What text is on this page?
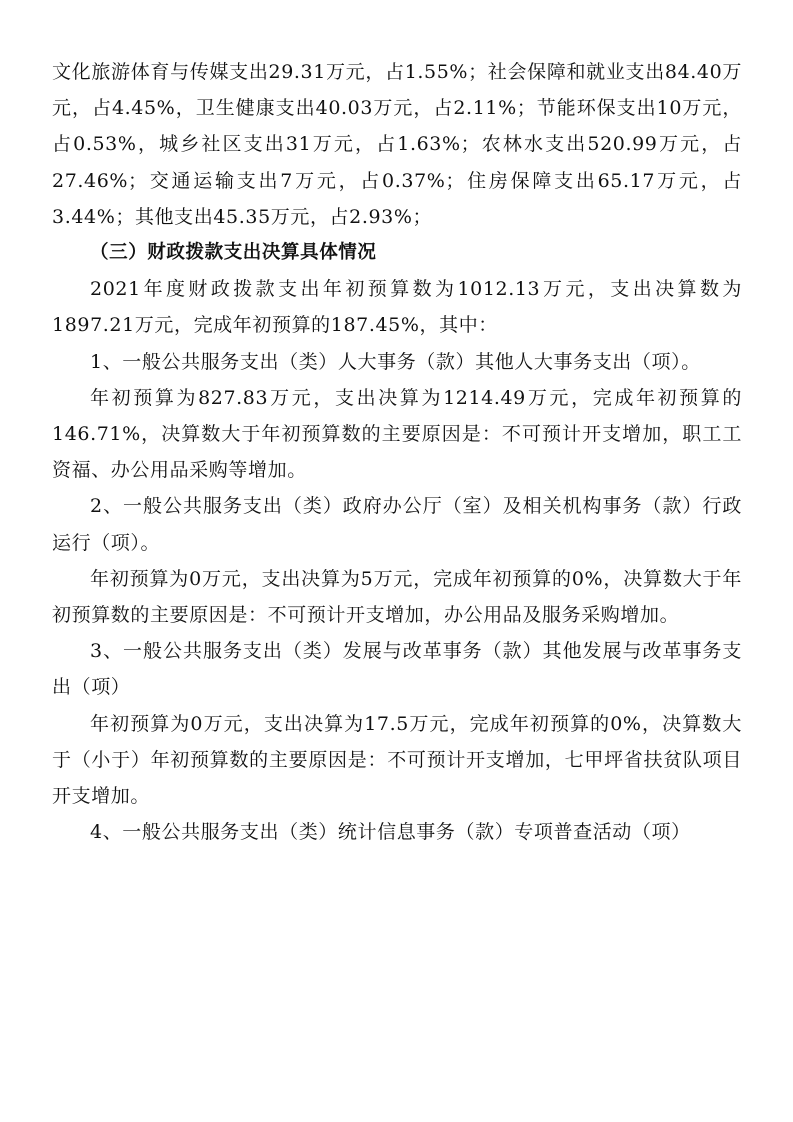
文化旅游体育与传媒支出29.31万元，占1.55%；社会保障和就业支出84.40万元，占4.45%，卫生健康支出40.03万元，占2.11%；节能环保支出10万元，占0.53%，城乡社区支出31万元，占1.63%；农林水支出520.99万元，占27.46%；交通运输支出7万元，占0.37%；住房保障支出65.17万元，占3.44%；其他支出45.35万元，占2.93%；

（三）财政拨款支出决算具体情况

2021年度财政拨款支出年初预算数为1012.13万元，支出决算数为1897.21万元，完成年初预算的187.45%，其中：

1、一般公共服务支出（类）人大事务（款）其他人大事务支出（项）。

年初预算为827.83万元，支出决算为1214.49万元，完成年初预算的146.71%，决算数大于年初预算数的主要原因是：不可预计开支增加，职工工资福、办公用品采购等增加。

2、一般公共服务支出（类）政府办公厅（室）及相关机构事务（款）行政运行（项）。

年初预算为0万元，支出决算为5万元，完成年初预算的0%，决算数大于年初预算数的主要原因是：不可预计开支增加，办公用品及服务采购增加。

3、一般公共服务支出（类）发展与改革事务（款）其他发展与改革事务支出（项）

年初预算为0万元，支出决算为17.5万元，完成年初预算的0%，决算数大于（小于）年初预算数的主要原因是：不可预计开支增加，七甲坪省扶贫队项目开支增加。

4、一般公共服务支出（类）统计信息事务（款）专项普查活动（项）
